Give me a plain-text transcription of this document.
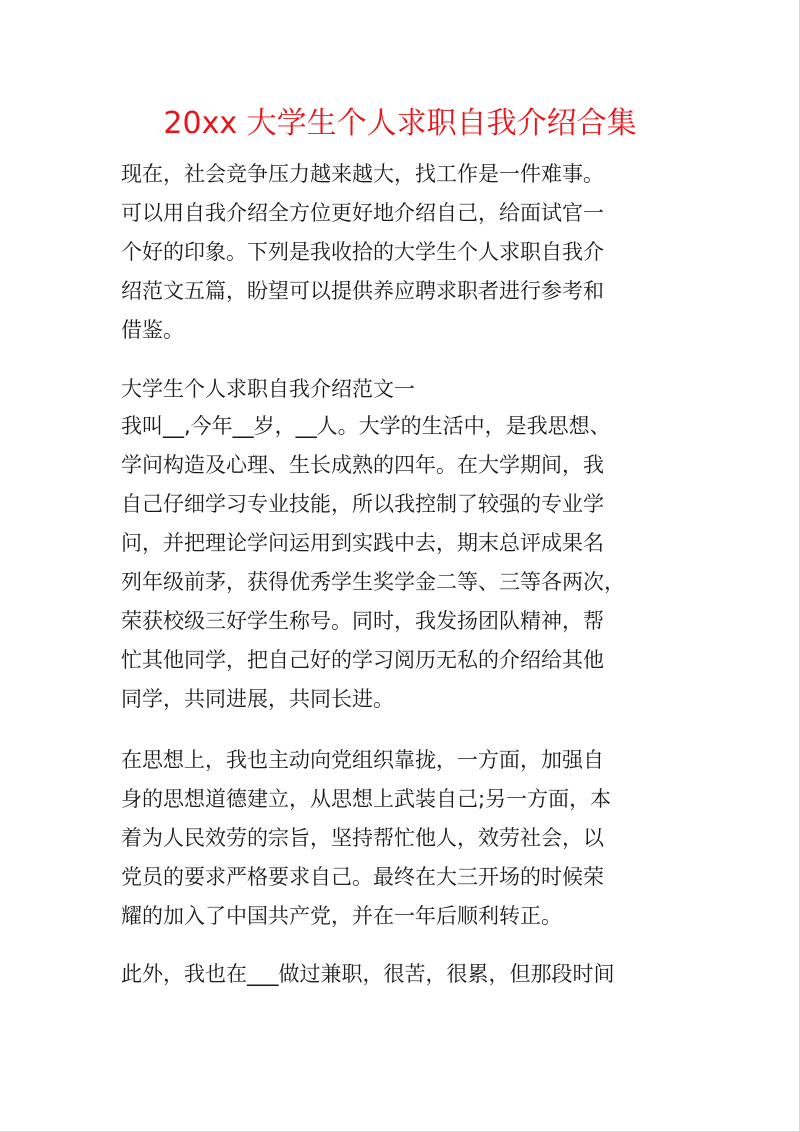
20xx 大学生个人求职自我介绍合集
现在，社会竞争压力越来越大，找工作是一件难事。
可以用自我介绍全方位更好地介绍自己，给面试官一
个好的印象。下列是我收拾的大学生个人求职自我介
绍范文五篇，盼望可以提供养应聘求职者进行参考和
借鉴。
大学生个人求职自我介绍范文一
我叫__,今年__岁，__人。大学的生活中，是我思想、
学问构造及心理、生长成熟的四年。在大学期间，我
自己仔细学习专业技能，所以我控制了较强的专业学
问，并把理论学问运用到实践中去，期末总评成果名
列年级前茅，获得优秀学生奖学金二等、三等各两次，
荣获校级三好学生称号。同时，我发扬团队精神，帮
忙其他同学，把自己好的学习阅历无私的介绍给其他
同学，共同进展，共同长进。
在思想上，我也主动向党组织靠拢，一方面，加强自
身的思想道德建立，从思想上武装自己;另一方面，本
着为人民效劳的宗旨，坚持帮忙他人，效劳社会，以
党员的要求严格要求自己。最终在大三开场的时候荣
耀的加入了中国共产党，并在一年后顺利转正。
此外，我也在___做过兼职，很苦，很累，但那段时间
